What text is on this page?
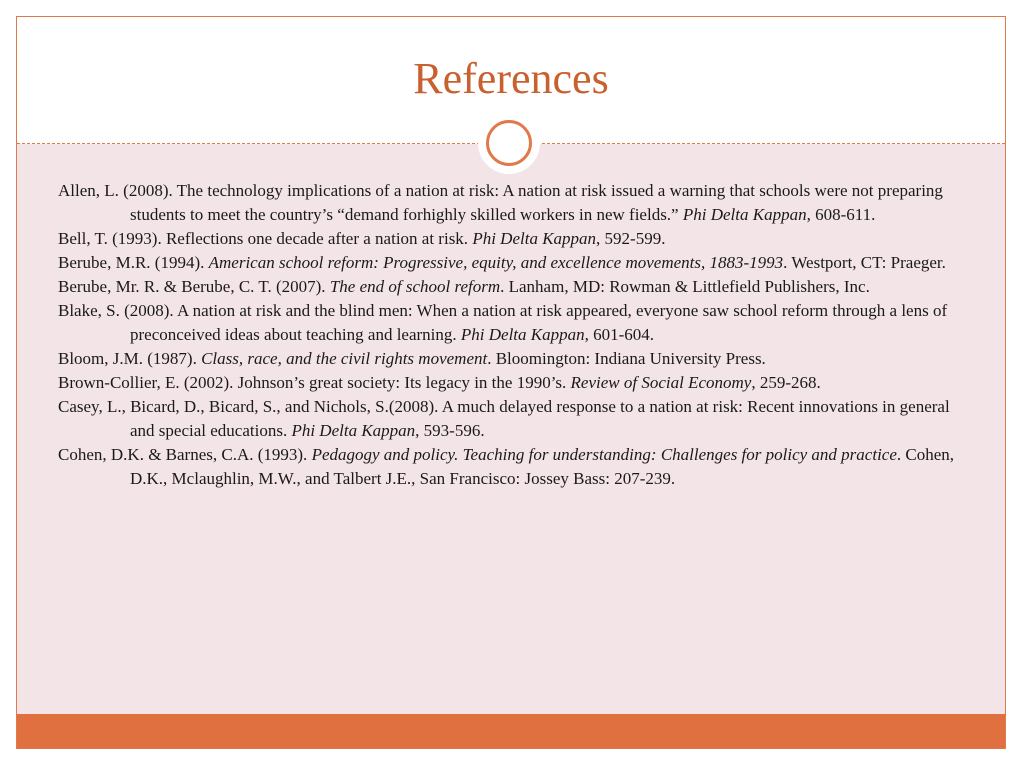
References

Allen, L. (2008). The technology implications of a nation at risk: A nation at risk issued a warning that schools were not preparing students to meet the country’s “demand forhighly skilled workers in new fields.” Phi Delta Kappan, 608-611.

Bell, T. (1993). Reflections one decade after a nation at risk. Phi Delta Kappan, 592-599.

Berube, M.R. (1994). American school reform: Progressive, equity, and excellence movements, 1883-1993. Westport, CT: Praeger.

Berube, Mr. R. & Berube, C. T. (2007). The end of school reform. Lanham, MD: Rowman & Littlefield Publishers, Inc.

Blake, S. (2008). A nation at risk and the blind men: When a nation at risk appeared, everyone saw school reform through a lens of preconceived ideas about teaching and learning. Phi Delta Kappan, 601-604.

Bloom, J.M. (1987). Class, race, and the civil rights movement. Bloomington: Indiana University Press.

Brown-Collier, E. (2002). Johnson’s great society: Its legacy in the 1990’s. Review of Social Economy, 259-268.

Casey, L., Bicard, D., Bicard, S., and Nichols, S.(2008). A much delayed response to a nation at risk: Recent innovations in general and special educations. Phi Delta Kappan, 593-596.

Cohen, D.K. & Barnes, C.A. (1993). Pedagogy and policy. Teaching for understanding: Challenges for policy and practice. Cohen, D.K., Mclaughlin, M.W., and Talbert J.E., San Francisco: Jossey Bass: 207-239.
